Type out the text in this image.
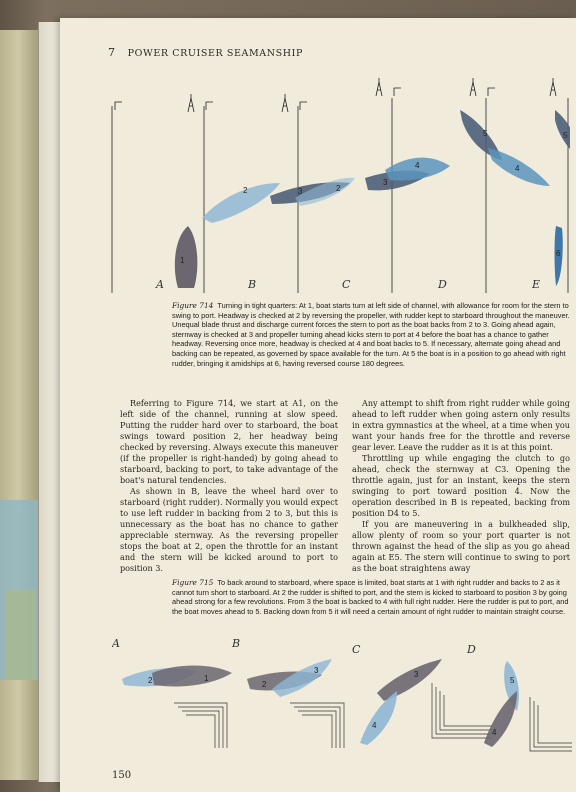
7 POWER CRUISER SEAMANSHIP
1
2	3	2
3
4
5
4
5
6
A	B	C	D	E
Figure 714 Turning in tight quarters: At 1, boat starts turn at left side of channel, with allowance for room for the stern to swing to port. Headway is checked at 2 by reversing the propeller, with rudder kept to starboard throughout the maneuver. Unequal blade thrust and discharge current forces the stern to port as the boat backs from 2 to 3. Going ahead again, sternway is checked at 3 and propeller turning ahead kicks stern to port at 4 before the boat has a chance to gather headway. Reversing once more, headway is checked at 4 and boat backs to 5. If necessary, alternate going ahead and backing can be repeated, as governed by space available for the turn. At 5 the boat is in a position to go ahead with right rudder, bringing it amidships at 6, having reversed course 180 degrees.

Referring to Figure 714, we start at A1, on the left side of the channel, running at slow speed. Putting the rudder hard over to starboard, the boat swings toward position 2, her headway being checked by reversing. Always execute this maneuver (if the propeller is right-handed) by going ahead to starboard, backing to port, to take advantage of the boat's natural tendencies.

As shown in B, leave the wheel hard over to starboard (right rudder). Normally you would expect to use left rudder in backing from 2 to 3, but this is unnecessary as the boat has no chance to gather appreciable sternway. As the reversing propeller stops the boat at 2, open the throttle for an instant and the stern will be kicked around to port to position 3.

Any attempt to shift from right rudder while going ahead to left rudder when going astern only results in extra gymnastics at the wheel, at a time when you want your hands free for the throttle and reverse gear lever. Leave the rudder as it is at this point.

Throttling up while engaging the clutch to go ahead, check the sternway at C3. Opening the throttle again, just for an instant, keeps the stern swinging to port toward position 4. Now the operation described in B is repeated, backing from position D4 to 5.

If you are maneuvering in a bulkheaded slip, allow plenty of room so your port quarter is not thrown against the head of the slip as you go ahead again at E5. The stern will continue to swing to port as the boat straightens away

Figure 715 To back around to starboard, where space is limited, boat starts at 1 with right rudder and backs to 2 as it cannot turn short to starboard. At 2 the rudder is shifted to port, and the stern is kicked to starboard to position 3 by going ahead strong for a few revolutions. From 3 the boat is backed to 4 with full right rudder. Here the rudder is put to port, and the boat moves ahead to 5. Backing down from 5 it will need a certain amount of right rudder to maintain straight course.
A	B	C	D
2	1
2
3	3
4
5
4
150
